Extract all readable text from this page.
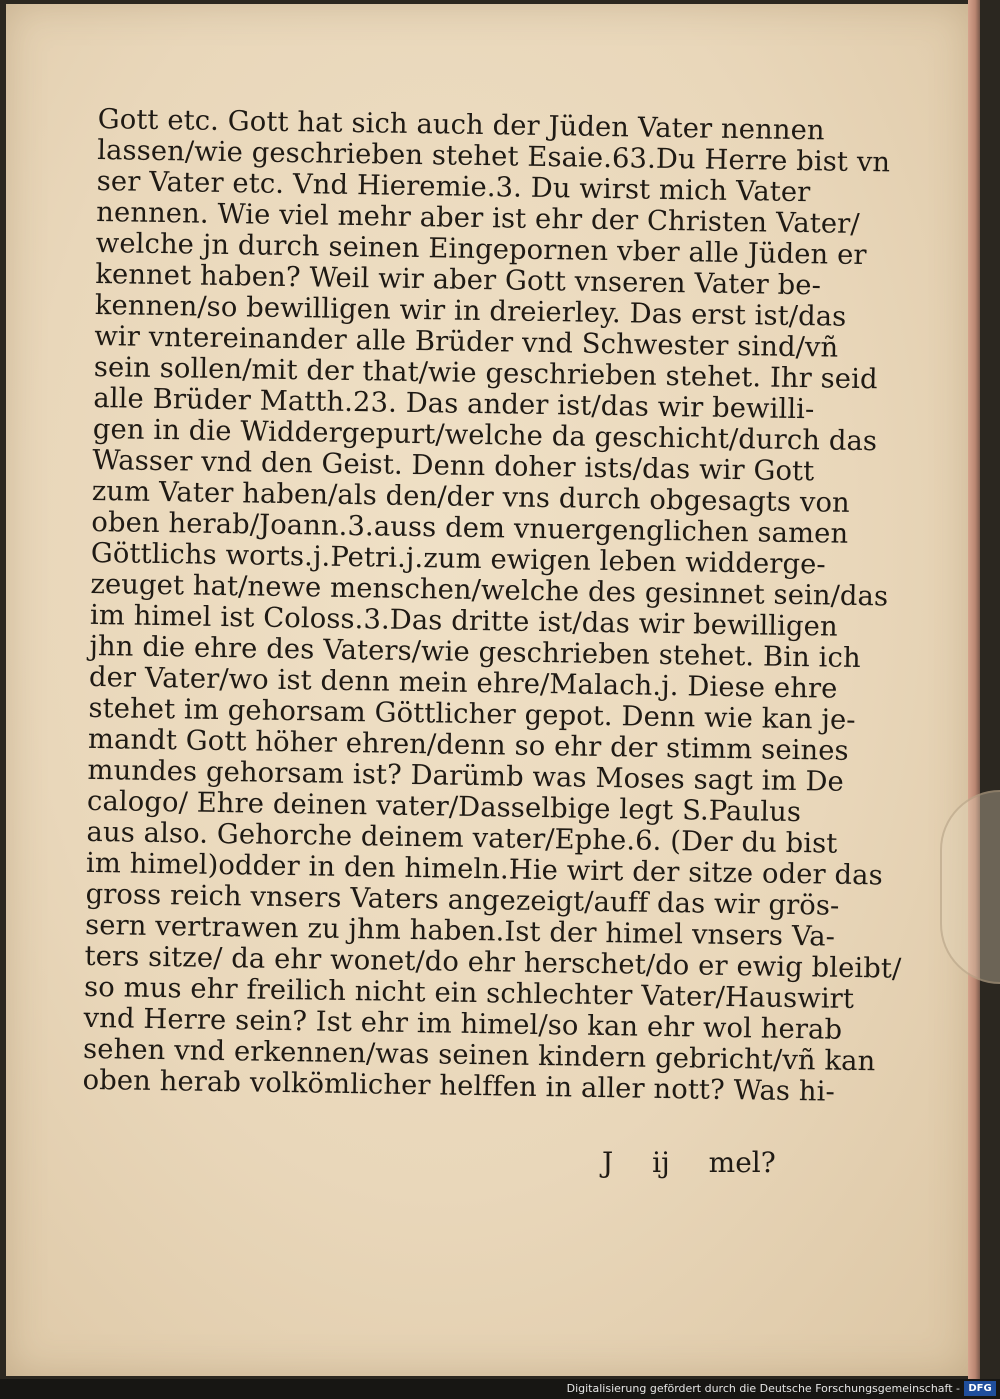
Gott etc. Gott hat sich auch der Jüden Vater nennen
lassen/wie geschrieben stehet Esaie.63.Du Herre bist vn
ser Vater etc. Vnd Hieremie.3. Du wirst mich Vater
nennen. Wie viel mehr aber ist ehr der Christen Vater/
welche jn durch seinen Eingepornen vber alle Jüden er
kennet haben? Weil wir aber Gott vnseren Vater be-
kennen/so bewilligen wir in dreierley. Das erst ist/das
wir vntereinander alle Brüder vnd Schwester sind/vñ
sein sollen/mit der that/wie geschrieben stehet. Ihr seid
alle Brüder Matth.23. Das ander ist/das wir bewilli-
gen in die Widdergepurt/welche da geschicht/durch das
Wasser vnd den Geist. Denn doher ists/das wir Gott
zum Vater haben/als den/der vns durch obgesagts von
oben herab/Joann.3.auss dem vnuergenglichen samen
Göttlichs worts.j.Petri.j.zum ewigen leben widderge-
zeuget hat/newe menschen/welche des gesinnet sein/das
im himel ist Coloss.3.Das dritte ist/das wir bewilligen
jhn die ehre des Vaters/wie geschrieben stehet. Bin ich
der Vater/wo ist denn mein ehre/Malach.j. Diese ehre
stehet im gehorsam Göttlicher gepot. Denn wie kan je-
mandt Gott höher ehren/denn so ehr der stimm seines
mundes gehorsam ist? Darümb was Moses sagt im De
calogo/ Ehre deinen vater/Dasselbige legt S.Paulus
aus also. Gehorche deinem vater/Ephe.6. (Der du bist
im himel)odder in den himeln.Hie wirt der sitze oder das
gross reich vnsers Vaters angezeigt/auff das wir grös-
sern vertrawen zu jhm haben.Ist der himel vnsers Va-
ters sitze/ da ehr wonet/do ehr herschet/do er ewig bleibt/
so mus ehr freilich nicht ein schlechter Vater/Hauswirt
vnd Herre sein? Ist ehr im himel/so kan ehr wol herab
sehen vnd erkennen/was seinen kindern gebricht/vñ kan
oben herab volkömlicher helffen in aller nott? Was hi-
J ij mel?
Digitalisierung gefördert durch die Deutsche Forschungsgemeinschaft - DFG
